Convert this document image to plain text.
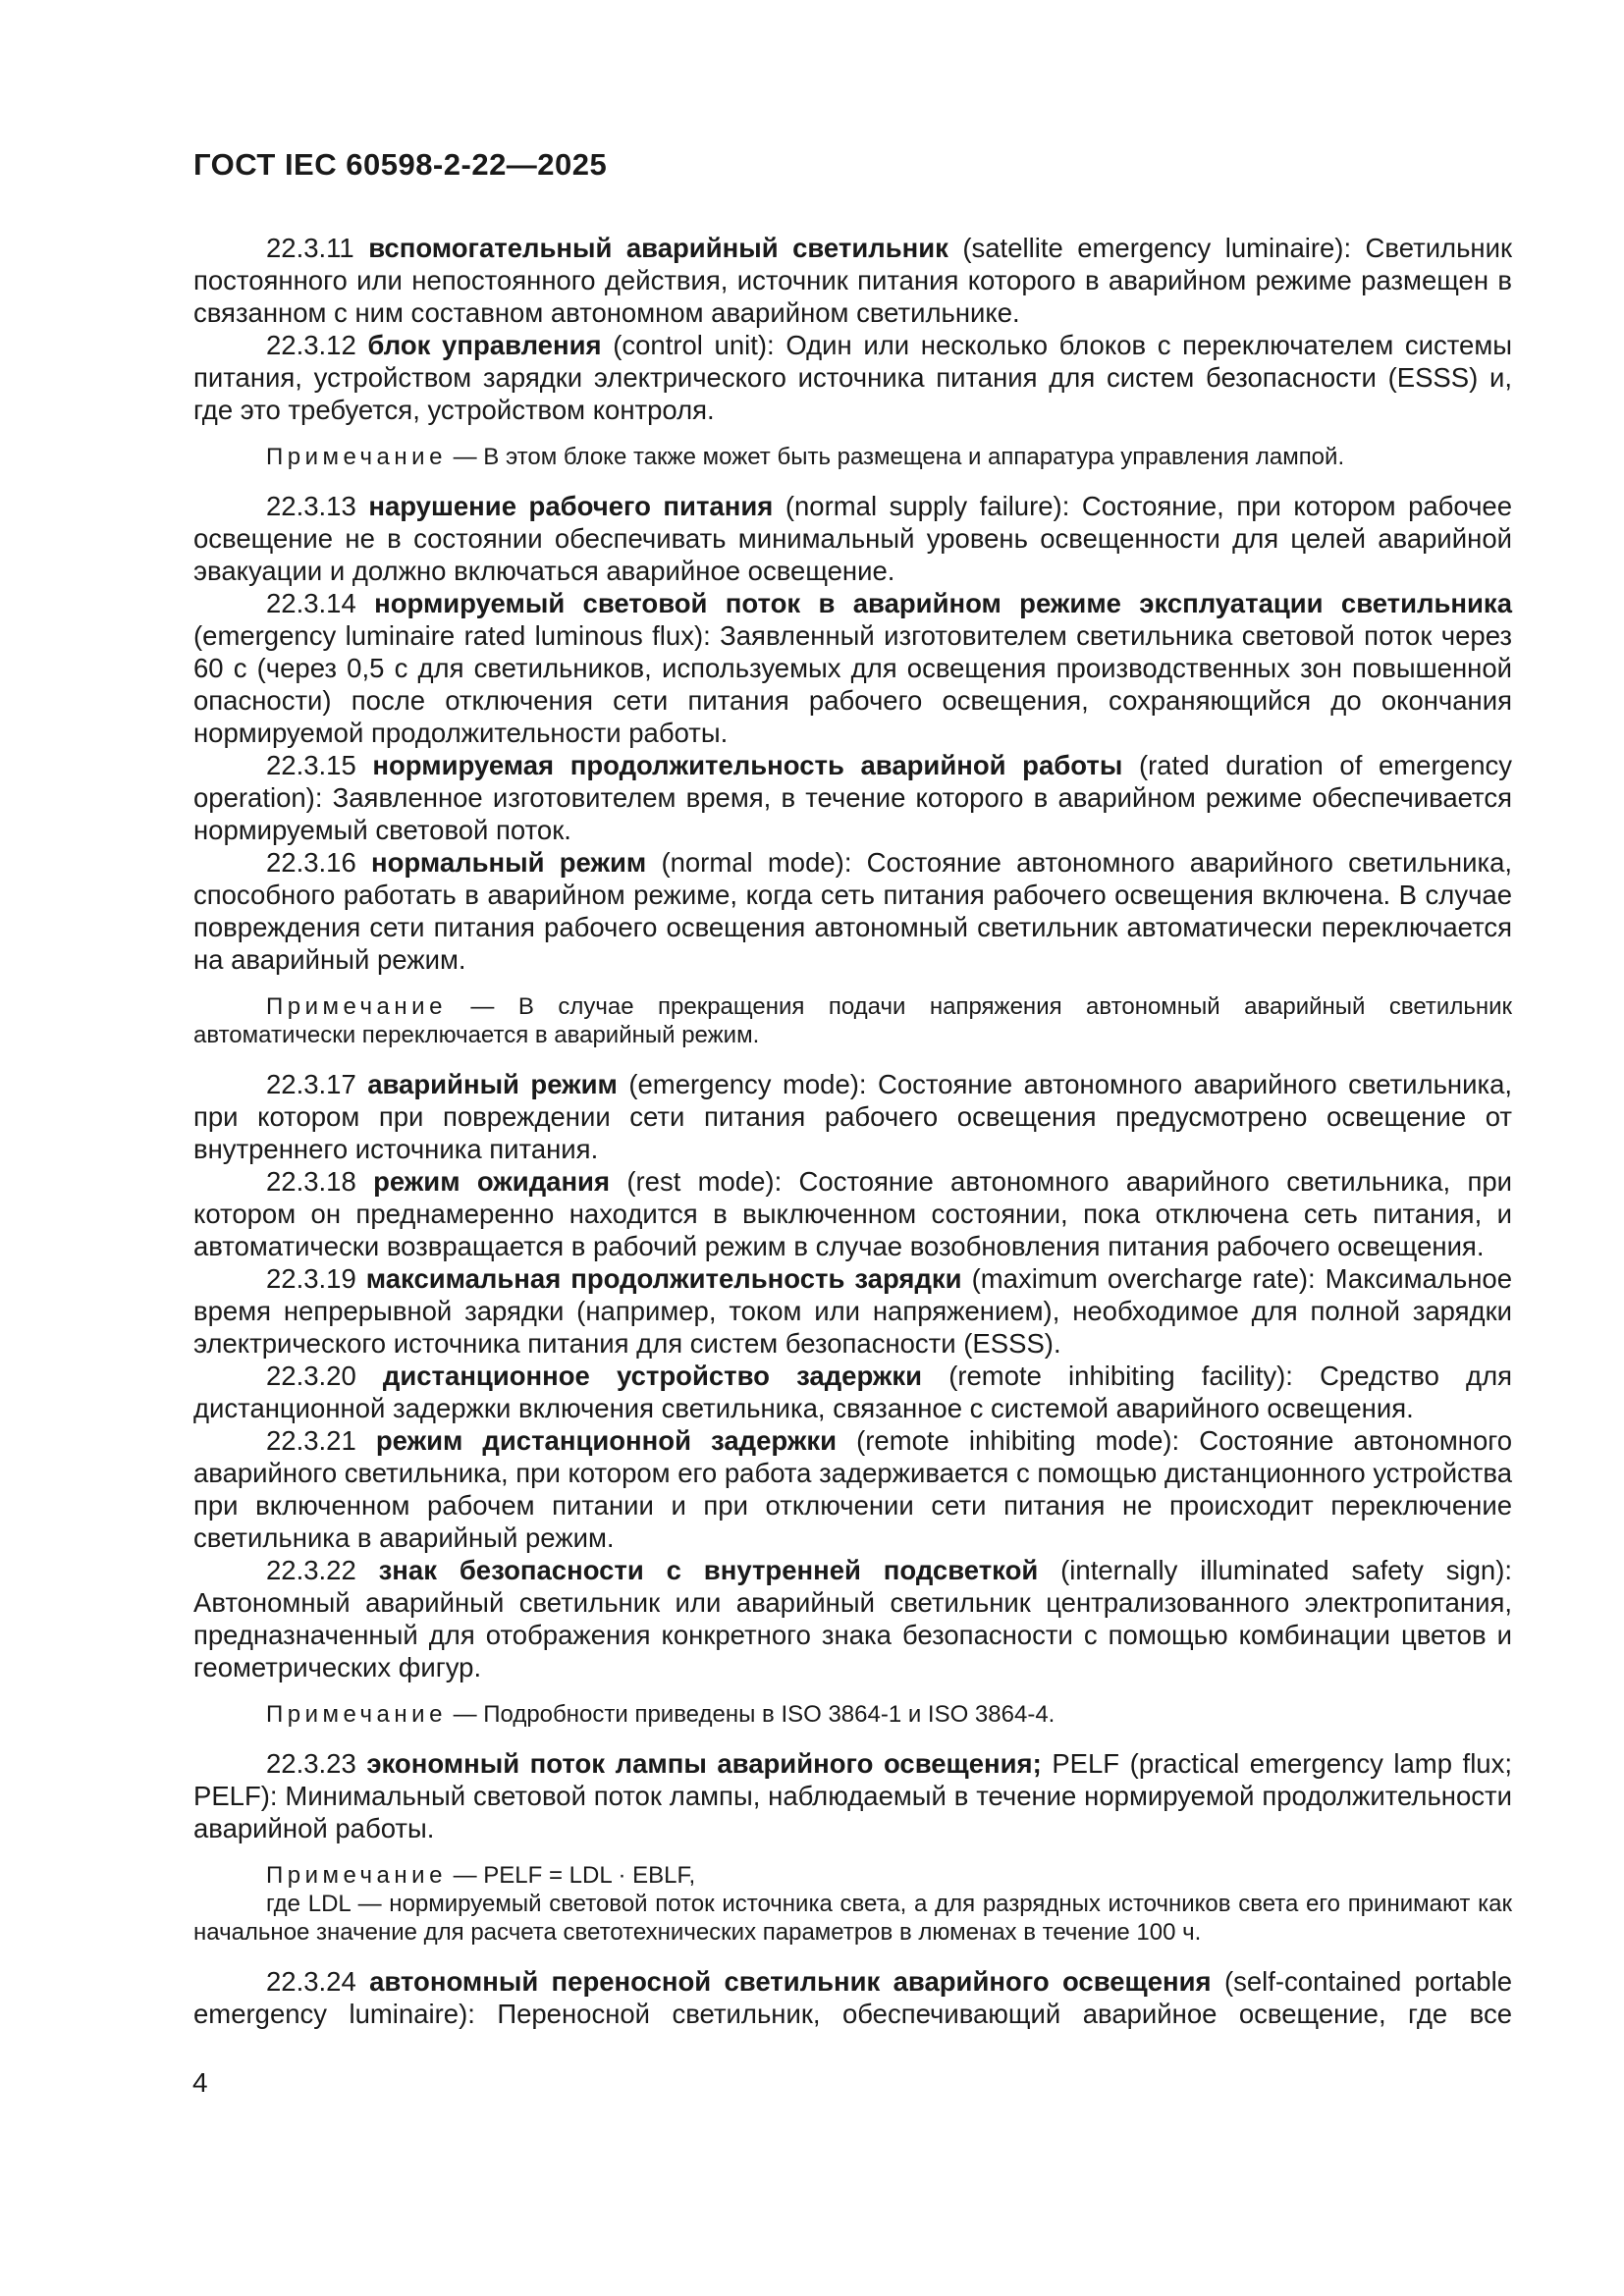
ГОСТ IEC 60598-2-22—2025

22.3.11 вспомогательный аварийный светильник (satellite emergency luminaire): Светильник постоянного или непостоянного действия, источник питания которого в аварийном режиме размещен в связанном с ним составном автономном аварийном светильнике.

22.3.12 блок управления (control unit): Один или несколько блоков с переключателем системы питания, устройством зарядки электрического источника питания для систем безопасности (ESSS) и, где это требуется, устройством контроля.

Примечание — В этом блоке также может быть размещена и аппаратура управления лампой.

22.3.13 нарушение рабочего питания (normal supply failure): Состояние, при котором рабочее освещение не в состоянии обеспечивать минимальный уровень освещенности для целей аварийной эвакуации и должно включаться аварийное освещение.

22.3.14 нормируемый световой поток в аварийном режиме эксплуатации светильника (emergency luminaire rated luminous flux): Заявленный изготовителем светильника световой поток через 60 с (через 0,5 с для светильников, используемых для освещения производственных зон повышенной опасности) после отключения сети питания рабочего освещения, сохраняющийся до окончания нормируемой продолжительности работы.

22.3.15 нормируемая продолжительность аварийной работы (rated duration of emergency operation): Заявленное изготовителем время, в течение которого в аварийном режиме обеспечивается нормируемый световой поток.

22.3.16 нормальный режим (normal mode): Состояние автономного аварийного светильника, способного работать в аварийном режиме, когда сеть питания рабочего освещения включена. В случае повреждения сети питания рабочего освещения автономный светильник автоматически переключается на аварийный режим.

Примечание — В случае прекращения подачи напряжения автономный аварийный светильник автоматически переключается в аварийный режим.

22.3.17 аварийный режим (emergency mode): Состояние автономного аварийного светильника, при котором при повреждении сети питания рабочего освещения предусмотрено освещение от внутреннего источника питания.

22.3.18 режим ожидания (rest mode): Состояние автономного аварийного светильника, при котором он преднамеренно находится в выключенном состоянии, пока отключена сеть питания, и автоматически возвращается в рабочий режим в случае возобновления питания рабочего освещения.

22.3.19 максимальная продолжительность зарядки (maximum overcharge rate): Максимальное время непрерывной зарядки (например, током или напряжением), необходимое для полной зарядки электрического источника питания для систем безопасности (ESSS).

22.3.20 дистанционное устройство задержки (remote inhibiting facility): Средство для дистанционной задержки включения светильника, связанное с системой аварийного освещения.

22.3.21 режим дистанционной задержки (remote inhibiting mode): Состояние автономного аварийного светильника, при котором его работа задерживается с помощью дистанционного устройства при включенном рабочем питании и при отключении сети питания не происходит переключение светильника в аварийный режим.

22.3.22 знак безопасности с внутренней подсветкой (internally illuminated safety sign): Автономный аварийный светильник или аварийный светильник централизованного электропитания, предназначенный для отображения конкретного знака безопасности с помощью комбинации цветов и геометрических фигур.

Примечание — Подробности приведены в ISO 3864-1 и ISO 3864-4.

22.3.23 экономный поток лампы аварийного освещения; PELF (practical emergency lamp flux; PELF): Минимальный световой поток лампы, наблюдаемый в течение нормируемой продолжительности аварийной работы.

Примечание — PELF = LDL · EBLF,

где LDL — нормируемый световой поток источника света, а для разрядных источников света его принимают как начальное значение для расчета светотехнических параметров в люменах в течение 100 ч.

22.3.24 автономный переносной светильник аварийного освещения (self-contained portable emergency luminaire): Переносной светильник, обеспечивающий аварийное освещение, где все

4
